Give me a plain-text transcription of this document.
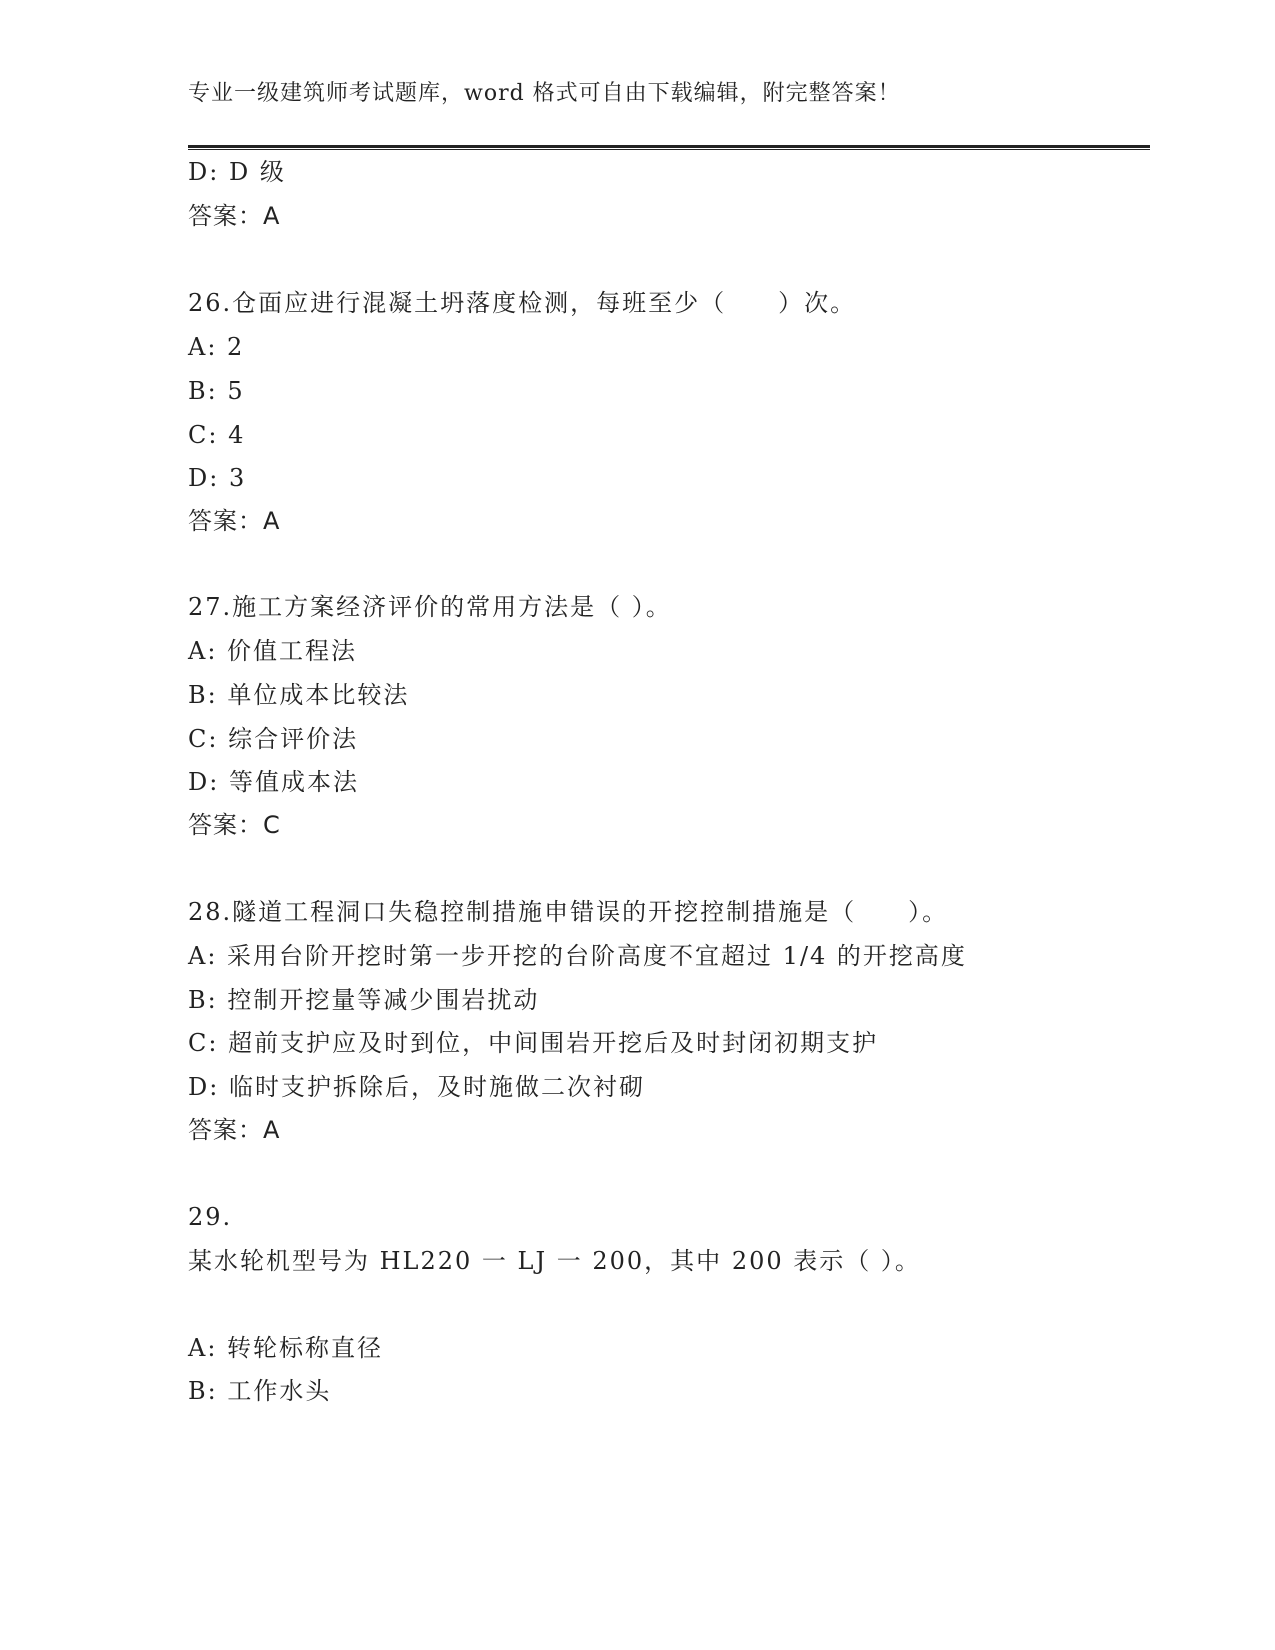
专业一级建筑师考试题库，word 格式可自由下载编辑，附完整答案！
D: D 级
答案：A
26.仓面应进行混凝土坍落度检测，每班至少（　　）次。
A: 2
B: 5
C: 4
D: 3
答案：A
27.施工方案经济评价的常用方法是（ ）。
A: 价值工程法
B: 单位成本比较法
C: 综合评价法
D: 等值成本法
答案：C
28.隧道工程洞口失稳控制措施申错误的开挖控制措施是（　　）。
A: 采用台阶开挖时第一步开挖的台阶高度不宜超过 1/4 的开挖高度
B: 控制开挖量等减少围岩扰动
C: 超前支护应及时到位，中间围岩开挖后及时封闭初期支护
D: 临时支护拆除后，及时施做二次衬砌
答案：A
29.
某水轮机型号为 HL220 一 LJ 一 200，其中 200 表示（ ）。
A: 转轮标称直径
B: 工作水头
